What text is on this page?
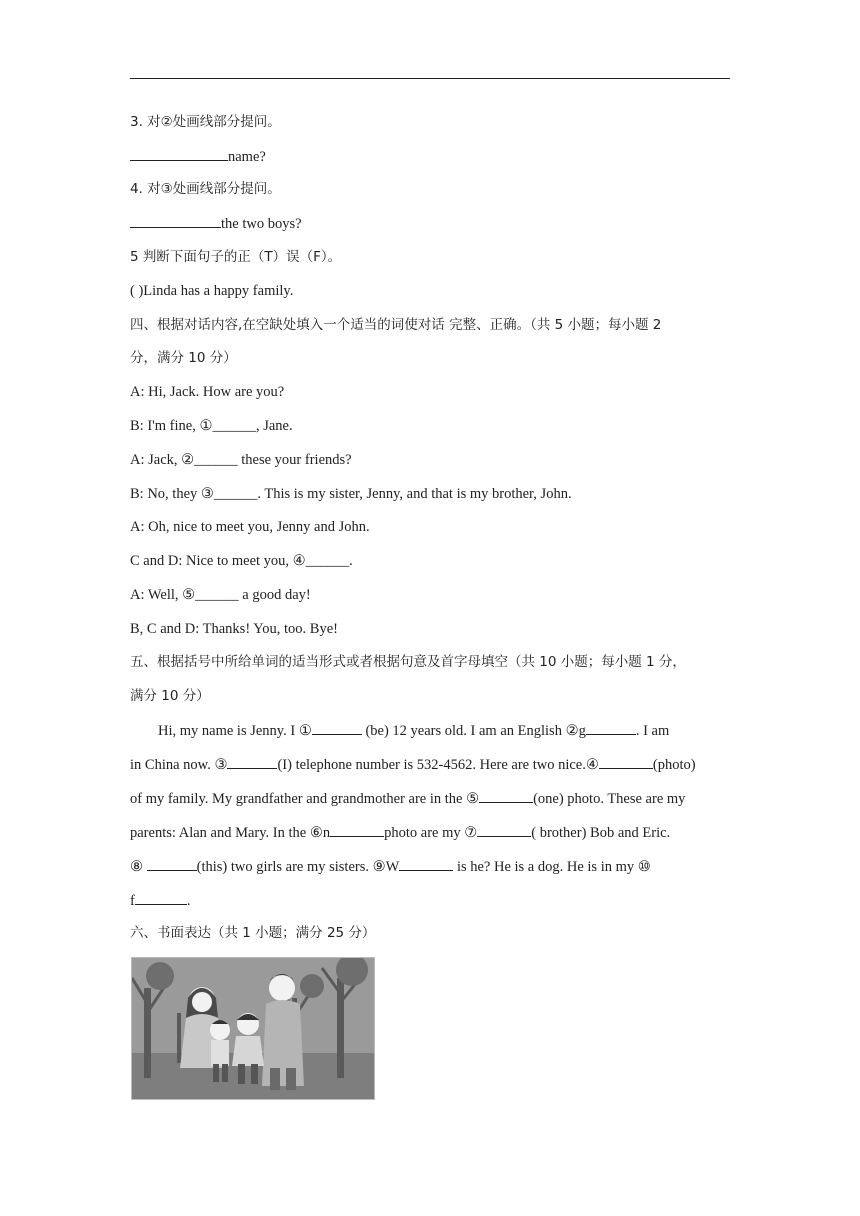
3. 对②处画线部分提问。
name?
4. 对③处画线部分提问。
the two boys?
5 判断下面句子的正（T）误（F）。
( )Linda has a happy family.
四、根据对话内容,在空缺处填入一个适当的词使对话 完整、正确。（共 5 小题；每小题 2
分，满分 10 分）
A: Hi, Jack. How are you?
B: I'm fine, ①______, Jane.
A: Jack, ②______ these your friends?
B: No, they ③______. This is my sister, Jenny, and that is my brother, John.
A: Oh, nice to meet you, Jenny and John.
C and D: Nice to meet you, ④______.
A: Well, ⑤______ a good day!
B, C and D: Thanks! You, too. Bye!
五、根据括号中所给单词的适当形式或者根据句意及首字母填空（共 10 小题；每小题 1 分，
满分 10 分）
Hi, my name is Jenny. I ①	(be) 12 years old. I am an English ②g	. I am
in China now. ③	(I) telephone number is 532-4562. Here are two nice.④	(photo)
of my family. My grandfather and grandmother are in the ⑤	(one) photo. These are my
parents: Alan and Mary. In the ⑥n	photo are my ⑦	( brother) Bob and Eric.
⑧	(this) two girls are my sisters. ⑨W	is he? He is a dog. He is in my ⑩
f	.
六、书面表达（共 1 小题；满分 25 分）
